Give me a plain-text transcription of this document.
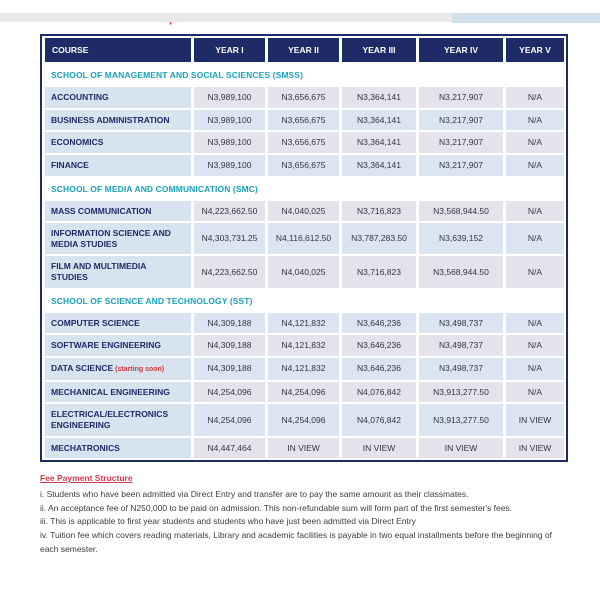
COURSE	YEAR I	YEAR II	YEAR III	YEAR IV	YEAR V
SCHOOL OF MANAGEMENT AND SOCIAL SCIENCES (SMSS)					
ACCOUNTING	N3,989,100	N3,656,675	N3,364,141	N3,217,907	N/A
BUSINESS ADMINISTRATION	N3,989,100	N3,656,675	N3,364,141	N3,217,907	N/A
ECONOMICS	N3,989,100	N3,656,675	N3,364,141	N3,217,907	N/A
FINANCE	N3,989,100	N3,656,675	N3,364,141	N3,217,907	N/A
SCHOOL OF MEDIA AND COMMUNICATION (SMC)					
MASS COMMUNICATION	N4,223,662.50	N4,040,025	N3,716,823	N3,568,944.50	N/A
INFORMATION SCIENCE AND MEDIA STUDIES	N4,303,731.25	N4,116,612.50	N3,787,283.50	N3,639,152	N/A
FILM AND MULTIMEDIA STUDIES	N4,223,662.50	N4,040,025	N3,716,823	N3,568,944.50	N/A
SCHOOL OF SCIENCE AND TECHNOLOGY (SST)					
COMPUTER SCIENCE	N4,309,188	N4,121,832	N3,646,236	N3,498,737	N/A
SOFTWARE ENGINEERING	N4,309,188	N4,121,832	N3,646,236	N3,498,737	N/A
DATA SCIENCE (starting soon)	N4,309,188	N4,121,832	N3,646,236	N3,498,737	N/A
MECHANICAL ENGINEERING	N4,254,096	N4,254,096	N4,076,842	N3,913,277.50	N/A
ELECTRICAL/ELECTRONICS ENGINEERING	N4,254,096	N4,254,096	N4,076,842	N3,913,277.50	IN VIEW
MECHATRONICS	N4,447,464	IN VIEW	IN VIEW	IN VIEW	IN VIEW
Fee Payment Structure
i. Students who have been admitted via Direct Entry and transfer are to pay the same amount as their classmates.
ii. An acceptance fee of N250,000 to be paid on admission. This non-refundable sum will form part of the first semester's fees.
iii. This is applicable to first year students and students who have just been admitted via Direct Entry
iv. Tuition fee which covers reading materials, Library and academic facilities is payable in two equal installments before the beginning of each semester.
